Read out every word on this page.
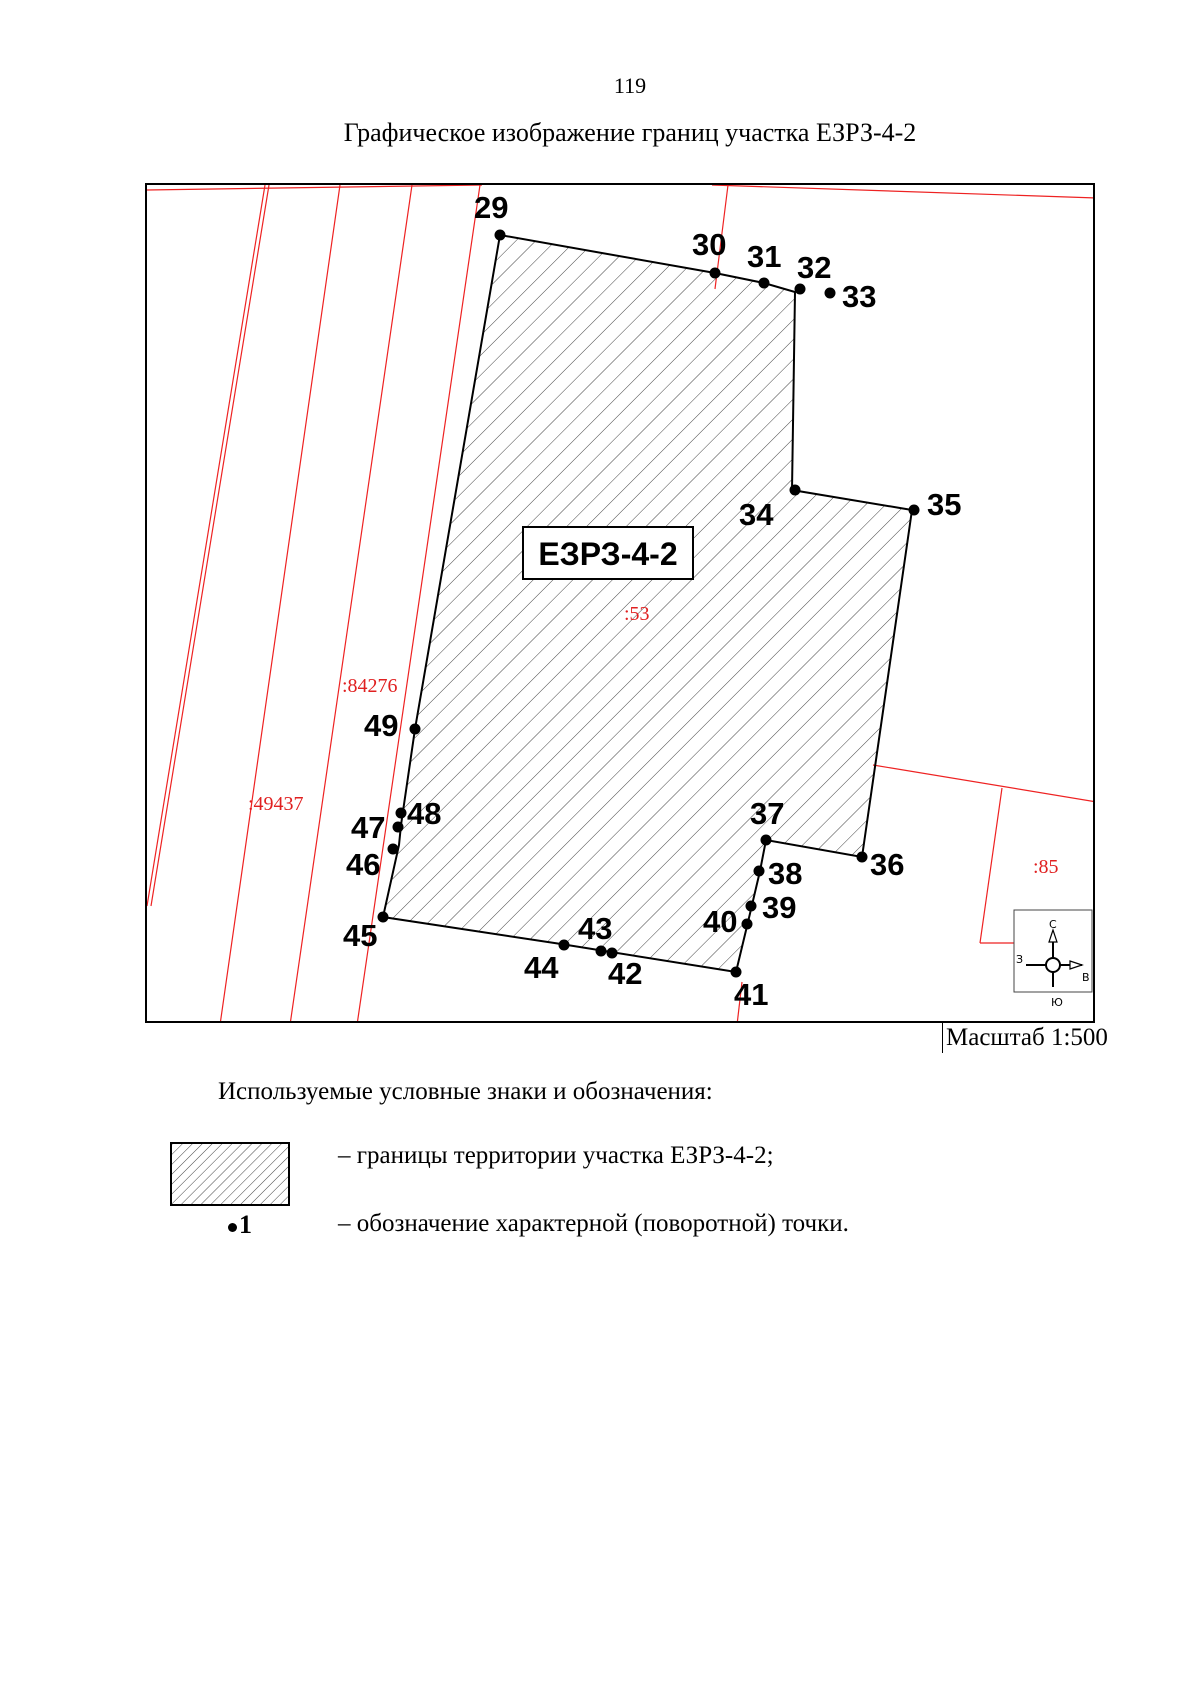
119
Графическое изображение границ участка ЕЗРЗ-4-2
29
30 31 32
33
34	35
36
37
38
39
40
41
42
43
44
45
46
47 48
49
ЕЗРЗ-4-2
:53
:84276
:49437
:85
С
Ю
З
В
Масштаб 1:500
Используемые условные знаки и обозначения:
– границы территории участка ЕЗРЗ-4-2;
1	– обозначение характерной (поворотной) точки.
